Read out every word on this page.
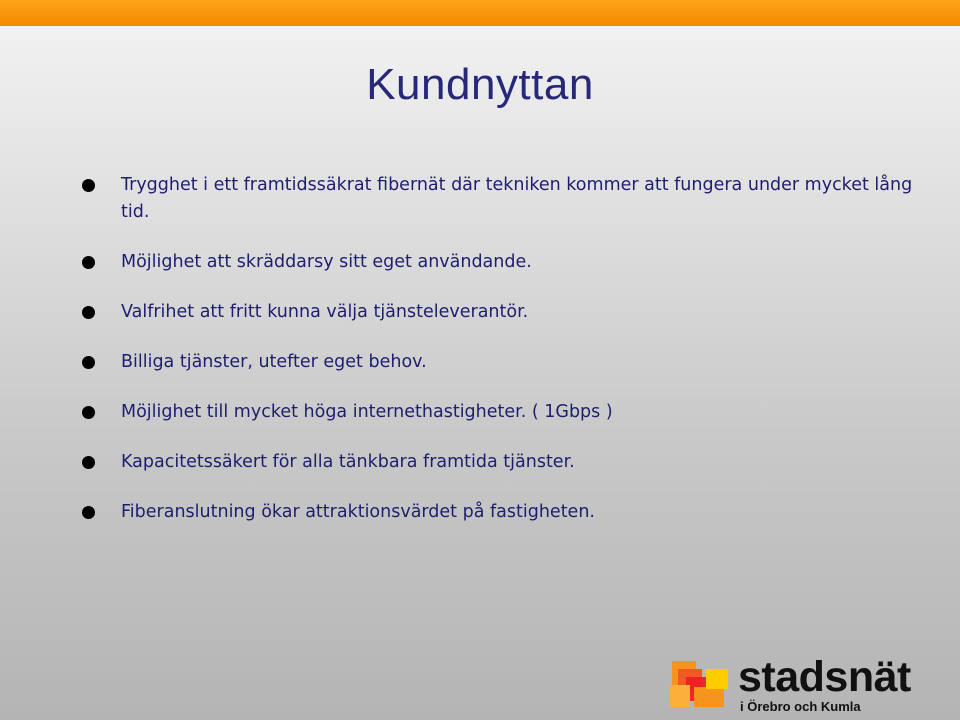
Kundnyttan
Trygghet i ett framtidssäkrat fibernät där tekniken kommer att fungera under mycket lång tid.
Möjlighet att skräddarsy sitt eget användande.
Valfrihet att fritt kunna välja tjänsteleverantör.
Billiga tjänster, utefter eget behov.
Möjlighet till mycket höga internethastigheter. ( 1Gbps )
Kapacitetssäkert för alla tänkbara framtida tjänster.
Fiberanslutning ökar attraktionsvärdet på fastigheten.
stadsnät
i Örebro och Kumla
